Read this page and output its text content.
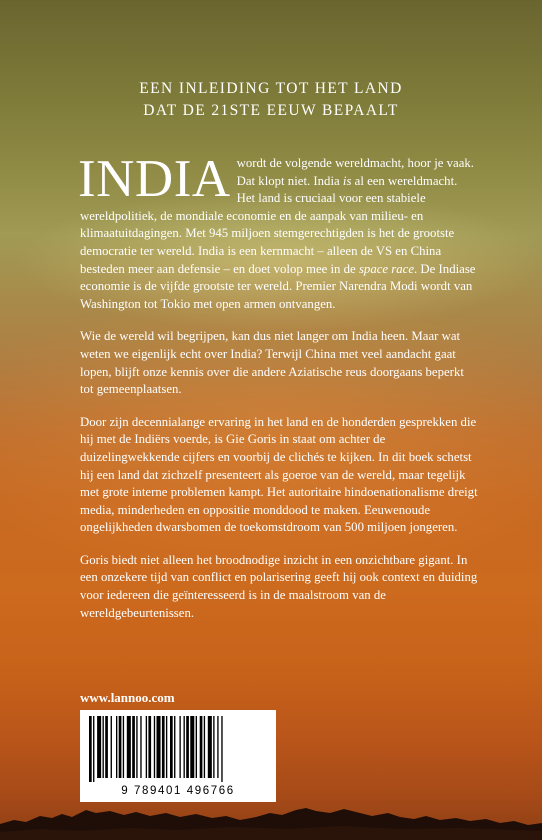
EEN INLEIDING TOT HET LAND
DAT DE 21STE EEUW BEPAALT

INDIA wordt de volgende wereldmacht, hoor je vaak. Dat klopt niet. India is al een wereldmacht. Het land is cruciaal voor een stabiele wereldpolitiek, de mondiale economie en de aanpak van milieu- en klimaatuitdagingen. Met 945 miljoen stemgerechtigden is het de grootste democratie ter wereld. India is een kernmacht – alleen de VS en China besteden meer aan defensie – en doet volop mee in de space race. De Indiase economie is de vijfde grootste ter wereld. Premier Narendra Modi wordt van Washington tot Tokio met open armen ontvangen.

Wie de wereld wil begrijpen, kan dus niet langer om India heen. Maar wat weten we eigenlijk echt over India? Terwijl China met veel aandacht gaat lopen, blijft onze kennis over die andere Aziatische reus doorgaans beperkt tot gemeenplaatsen.

Door zijn decennialange ervaring in het land en de honderden gesprekken die hij met de Indiërs voerde, is Gie Goris in staat om achter de duizelingwekkende cijfers en voorbij de clichés te kijken. In dit boek schetst hij een land dat zichzelf presenteert als goeroe van de wereld, maar tegelijk met grote interne problemen kampt. Het autoritaire hindoenationalisme dreigt media, minderheden en oppositie monddood te maken. Eeuwenoude ongelijkheden dwarsbomen de toekomstdroom van 500 miljoen jongeren.

Goris biedt niet alleen het broodnodige inzicht in een onzichtbare gigant. In een onzekere tijd van conflict en polarisering geeft hij ook context en duiding voor iedereen die geïnteresseerd is in de maalstroom van de wereldgebeurtenissen.

www.lannoo.com
9 789401 496766
